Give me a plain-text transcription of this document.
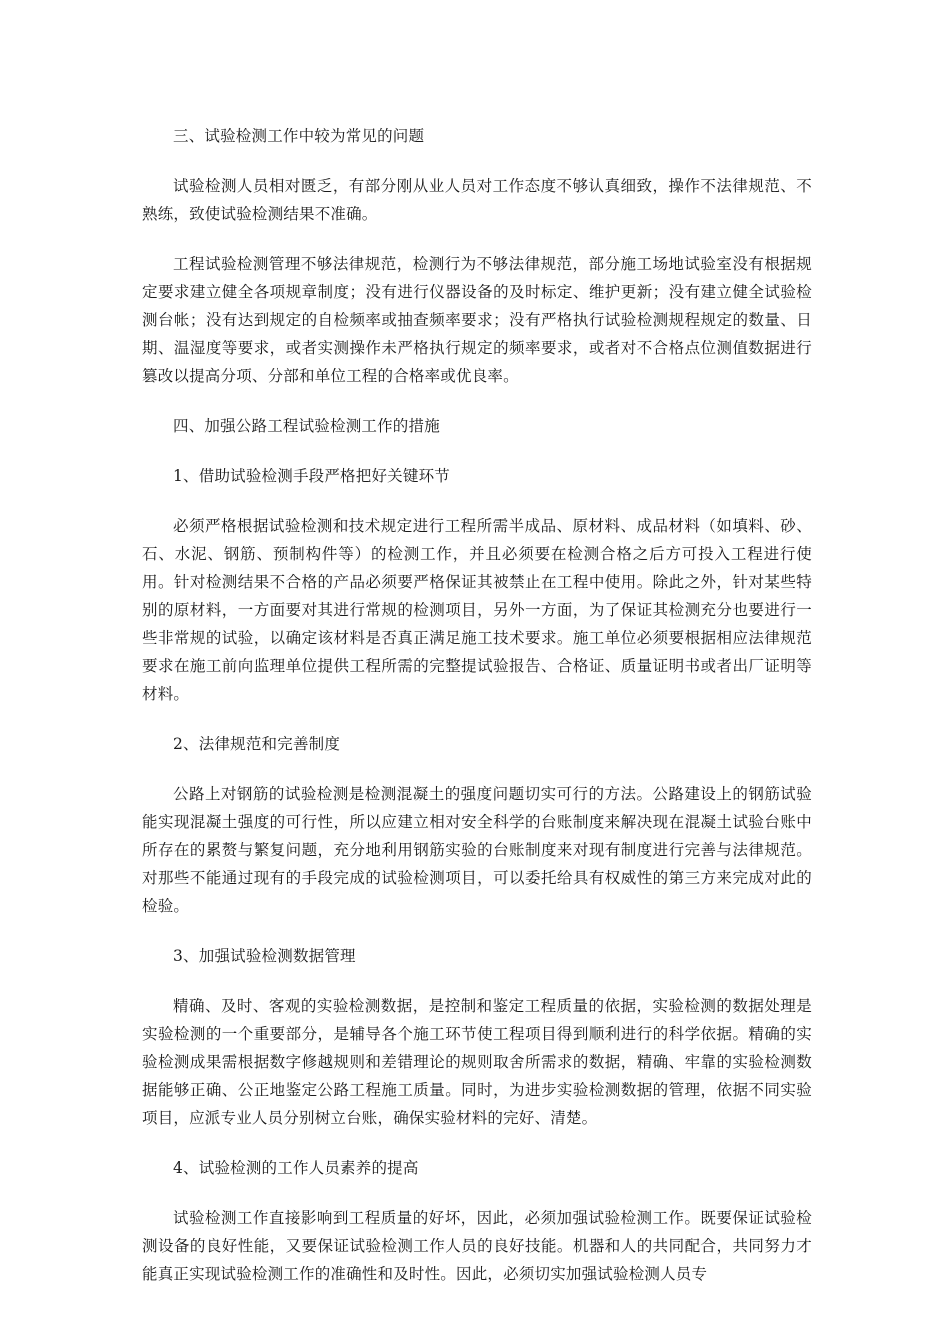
三、试验检测工作中较为常见的问题

试验检测人员相对匮乏，有部分刚从业人员对工作态度不够认真细致，操作不法律规范、不熟练，致使试验检测结果不准确。

工程试验检测管理不够法律规范，检测行为不够法律规范，部分施工场地试验室没有根据规定要求建立健全各项规章制度；没有进行仪器设备的及时标定、维护更新；没有建立健全试验检测台帐；没有达到规定的自检频率或抽查频率要求；没有严格执行试验检测规程规定的数量、日期、温湿度等要求，或者实测操作未严格执行规定的频率要求，或者对不合格点位测值数据进行篡改以提高分项、分部和单位工程的合格率或优良率。

四、加强公路工程试验检测工作的措施

1、借助试验检测手段严格把好关键环节

必须严格根据试验检测和技术规定进行工程所需半成品、原材料、成品材料（如填料、砂、石、水泥、钢筋、预制构件等）的检测工作，并且必须要在检测合格之后方可投入工程进行使用。针对检测结果不合格的产品必须要严格保证其被禁止在工程中使用。除此之外，针对某些特别的原材料，一方面要对其进行常规的检测项目，另外一方面，为了保证其检测充分也要进行一些非常规的试验，以确定该材料是否真正满足施工技术要求。施工单位必须要根据相应法律规范要求在施工前向监理单位提供工程所需的完整提试验报告、合格证、质量证明书或者出厂证明等材料。

2、法律规范和完善制度

公路上对钢筋的试验检测是检测混凝土的强度问题切实可行的方法。公路建设上的钢筋试验能实现混凝土强度的可行性，所以应建立相对安全科学的台账制度来解决现在混凝土试验台账中所存在的累赘与繁复问题，充分地利用钢筋实验的台账制度来对现有制度进行完善与法律规范。对那些不能通过现有的手段完成的试验检测项目，可以委托给具有权威性的第三方来完成对此的检验。

3、加强试验检测数据管理

精确、及时、客观的实验检测数据，是控制和鉴定工程质量的依据，实验检测的数据处理是实验检测的一个重要部分，是辅导各个施工环节使工程项目得到顺利进行的科学依据。精确的实验检测成果需根据数字修越规则和差错理论的规则取舍所需求的数据，精确、牢靠的实验检测数据能够正确、公正地鉴定公路工程施工质量。同时，为进步实验检测数据的管理，依据不同实验项目，应派专业人员分别树立台账，确保实验材料的完好、清楚。

4、试验检测的工作人员素养的提高

试验检测工作直接影响到工程质量的好坏，因此，必须加强试验检测工作。既要保证试验检测设备的良好性能，又要保证试验检测工作人员的良好技能。机器和人的共同配合，共同努力才能真正实现试验检测工作的准确性和及时性。因此，必须切实加强试验检测人员专
